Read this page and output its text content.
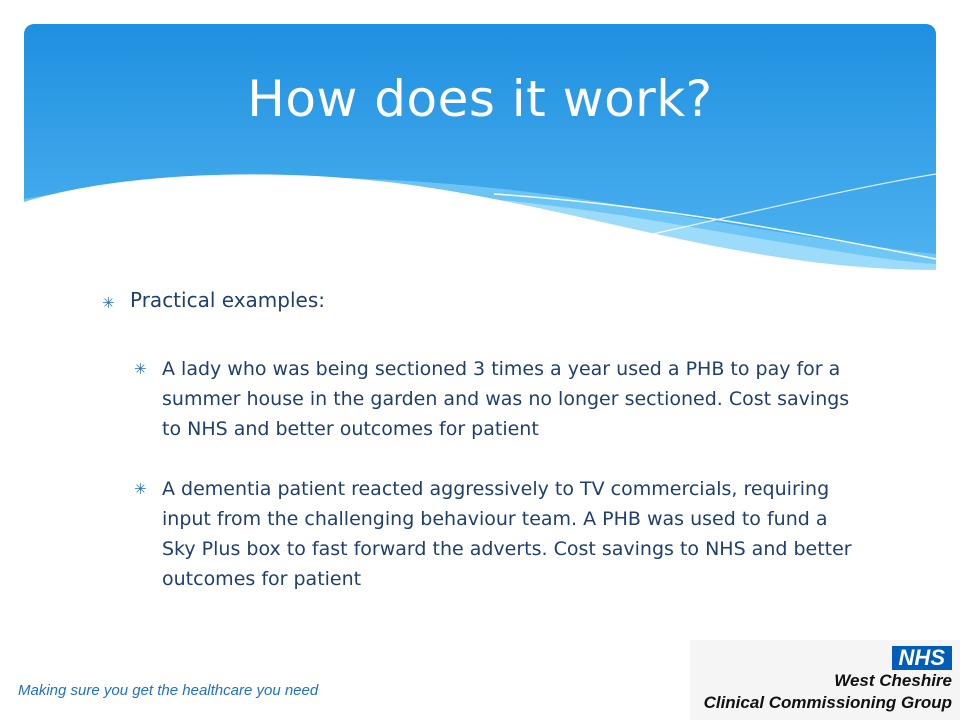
How does it work?
✳ Practical examples:
✳ A lady who was being sectioned 3 times a year used a PHB to pay for a summer house in the garden and was no longer sectioned. Cost savings to NHS and better outcomes for patient
✳ A dementia patient reacted aggressively to TV commercials, requiring input from the challenging behaviour team. A PHB was used to fund a Sky Plus box to fast forward the adverts. Cost savings to NHS and better outcomes for patient
Making sure you get the healthcare you need
NHS
West Cheshire
Clinical Commissioning Group
